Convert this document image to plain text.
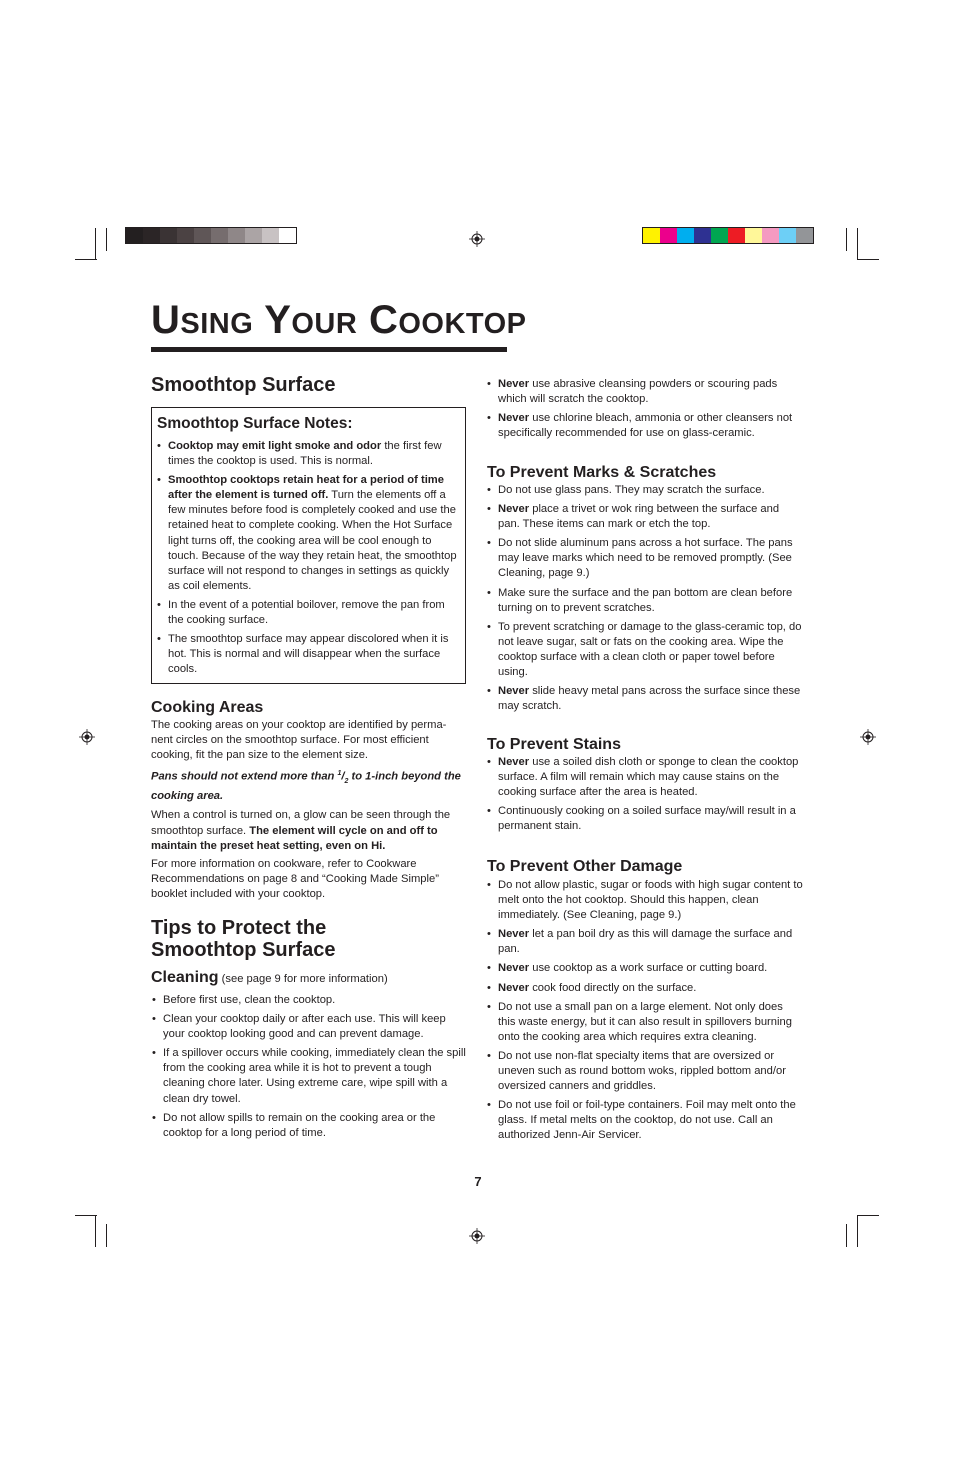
USING YOUR COOKTOP
Smoothtop Surface
Smoothtop Surface Notes:
• Cooktop may emit light smoke and odor the first few times the cooktop is used. This is normal.
• Smoothtop cooktops retain heat for a period of time after the element is turned off. Turn the elements off a few minutes before food is completely cooked and use the retained heat to complete cooking. When the Hot Surface light turns off, the cooking area will be cool enough to touch. Because of the way they retain heat, the smoothtop surface will not respond to changes in settings as quickly as coil elements.
• In the event of a potential boilover, remove the pan from the cooking surface.
• The smoothtop surface may appear discolored when it is hot. This is normal and will disappear when the surface cools.
Cooking Areas

The cooking areas on your cooktop are identified by perma-nent circles on the smoothtop surface. For most efficient cooking, fit the pan size to the element size.

Pans should not extend more than $^1/_2$ to 1-inch beyond the cooking area.

When a control is turned on, a glow can be seen through the smoothtop surface. The element will cycle on and off to maintain the preset heat setting, even on Hi.

For more information on cookware, refer to Cookware Recommendations on page 8 and “Cooking Made Simple” booklet included with your cooktop.

Tips to Protect the
Smoothtop Surface
Cleaning (see page 9 for more information)
• Before first use, clean the cooktop.
• Clean your cooktop daily or after each use. This will keep your cooktop looking good and can prevent damage.
• If a spillover occurs while cooking, immediately clean the spill from the cooking area while it is hot to prevent a tough cleaning chore later. Using extreme care, wipe spill with a clean dry towel.
• Do not allow spills to remain on the cooking area or the cooktop for a long period of time.
• Never use abrasive cleansing powders or scouring pads which will scratch the cooktop.
• Never use chlorine bleach, ammonia or other cleansers not specifically recommended for use on glass-ceramic.
To Prevent Marks & Scratches
• Do not use glass pans. They may scratch the surface.
• Never place a trivet or wok ring between the surface and pan. These items can mark or etch the top.
• Do not slide aluminum pans across a hot surface. The pans may leave marks which need to be removed promptly. (See Cleaning, page 9.)
• Make sure the surface and the pan bottom are clean before turning on to prevent scratches.
• To prevent scratching or damage to the glass-ceramic top, do not leave sugar, salt or fats on the cooking area. Wipe the cooktop surface with a clean cloth or paper towel before using.
• Never slide heavy metal pans across the surface since these may scratch.
To Prevent Stains
• Never use a soiled dish cloth or sponge to clean the cooktop surface. A film will remain which may cause stains on the cooking surface after the area is heated.
• Continuously cooking on a soiled surface may/will result in a permanent stain.
To Prevent Other Damage
• Do not allow plastic, sugar or foods with high sugar content to melt onto the hot cooktop. Should this happen, clean immediately. (See Cleaning, page 9.)
• Never let a pan boil dry as this will damage the surface and pan.
• Never use cooktop as a work surface or cutting board.
• Never cook food directly on the surface.
• Do not use a small pan on a large element. Not only does this waste energy, but it can also result in spillovers burning onto the cooking area which requires extra cleaning.
• Do not use non-flat specialty items that are oversized or uneven such as round bottom woks, rippled bottom and/or oversized canners and griddles.
• Do not use foil or foil-type containers. Foil may melt onto the glass. If metal melts on the cooktop, do not use. Call an authorized Jenn-Air Servicer.
7
